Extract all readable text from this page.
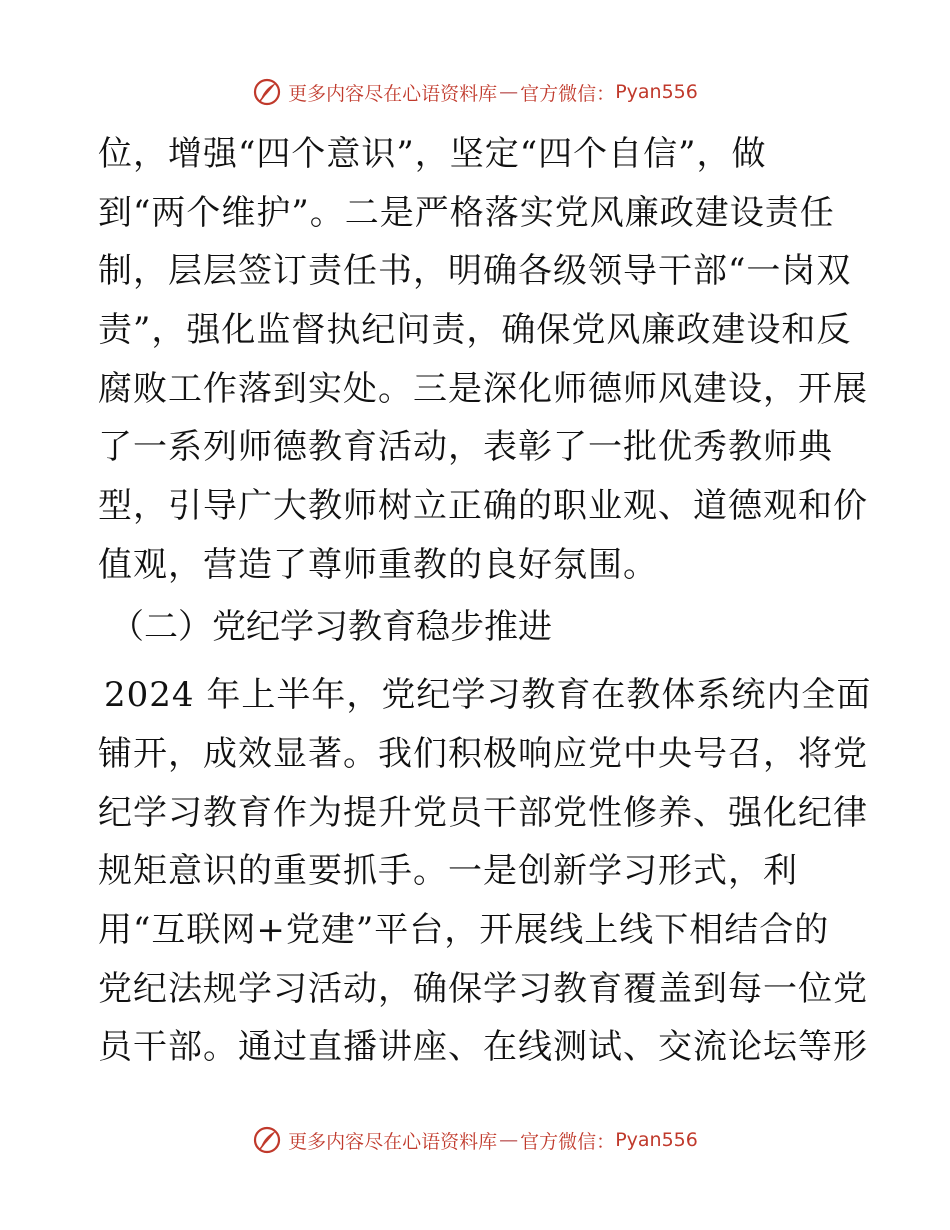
更多内容尽在心语资料库 — 官方微信： Pyan556
位，增强“四个意识”，坚定“四个自信”，做
到“两个维护”。二是严格落实党风廉政建设责任
制，层层签订责任书，明确各级领导干部“一岗双
责”，强化监督执纪问责，确保党风廉政建设和反
腐败工作落到实处。三是深化师德师风建设，开展
了一系列师德教育活动，表彰了一批优秀教师典
型，引导广大教师树立正确的职业观、道德观和价
值观，营造了尊师重教的良好氛围。
（二）党纪学习教育稳步推进
2024 年上半年，党纪学习教育在教体系统内全面
铺开，成效显著。我们积极响应党中央号召，将党
纪学习教育作为提升党员干部党性修养、强化纪律
规矩意识的重要抓手。一是创新学习形式，利
用“互联网+党建”平台，开展线上线下相结合的
党纪法规学习活动，确保学习教育覆盖到每一位党
员干部。通过直播讲座、在线测试、交流论坛等形
更多内容尽在心语资料库 — 官方微信： Pyan556
